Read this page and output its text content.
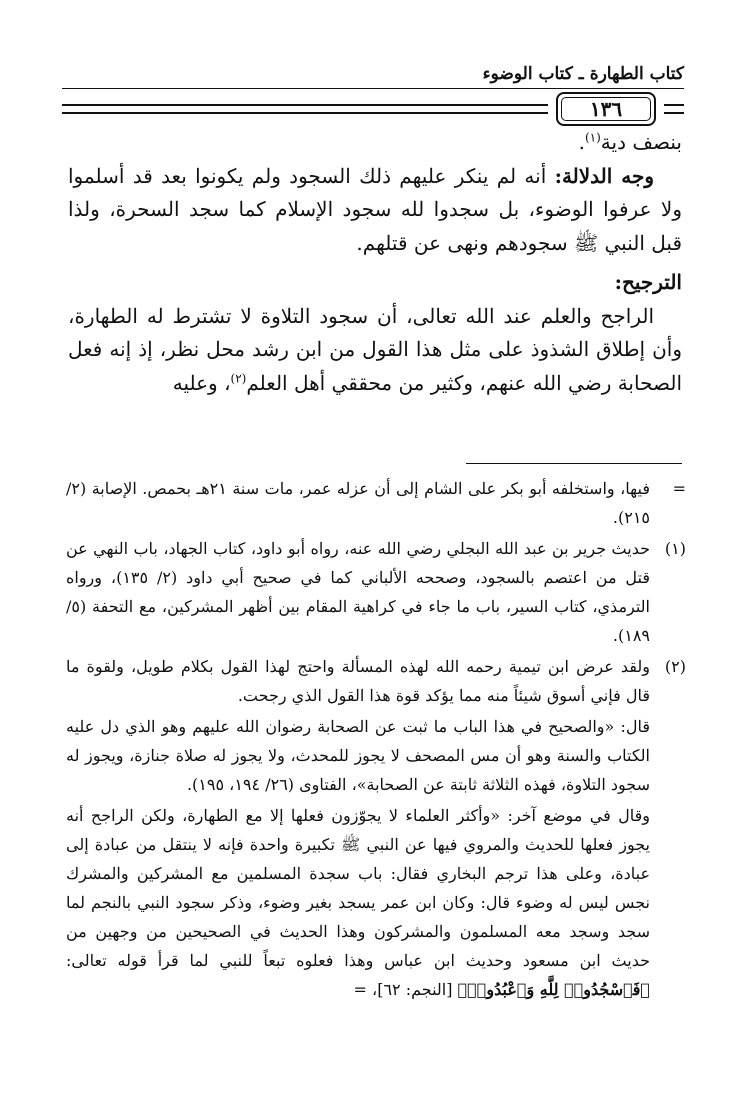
كتاب الطهارة ـ كتاب الوضوء
١٣٦

بنصف دية$^{(١)}$.

وجه الدلالة: أنه لم ينكر عليهم ذلك السجود ولم يكونوا بعد قد أسلموا ولا عرفوا الوضوء، بل سجدوا لله سجود الإسلام كما سجد السحرة، ولذا قبل النبي ﷺ سجودهم ونهى عن قتلهم.

الترجيح:

الراجح والعلم عند الله تعالى، أن سجود التلاوة لا تشترط له الطهارة، وأن إطلاق الشذوذ على مثل هذا القول من ابن رشد محل نظر، إذ إنه فعل الصحابة رضي الله عنهم، وكثير من محققي أهل العلم$^{(٢)}$، وعليه

=

فيها، واستخلفه أبو بكر على الشام إلى أن عزله عمر، مات سنة ٢١هـ بحمص. الإصابة (٢/ ٢١٥).

(١)

حديث جرير بن عبد الله البجلي رضي الله عنه، رواه أبو داود، كتاب الجهاد، باب النهي عن قتل من اعتصم بالسجود، وصححه الألباني كما في صحيح أبي داود (٢/ ١٣٥)، ورواه الترمذي، كتاب السير، باب ما جاء في كراهية المقام بين أظهر المشركين، مع التحفة (٥/ ١٨٩).

(٢)

ولقد عرض ابن تيمية رحمه الله لهذه المسألة واحتج لهذا القول بكلام طويل، ولقوة ما قال فإني أسوق شيئاً منه مما يؤكد قوة هذا القول الذي رجحت.

قال: «والصحيح في هذا الباب ما ثبت عن الصحابة رضوان الله عليهم وهو الذي دل عليه الكتاب والسنة وهو أن مس المصحف لا يجوز للمحدث، ولا يجوز له صلاة جنازة، ويجوز له سجود التلاوة، فهذه الثلاثة ثابتة عن الصحابة»، الفتاوى (٢٦/ ١٩٤، ١٩٥).

وقال في موضع آخر: «وأكثر العلماء لا يجوّزون فعلها إلا مع الطهارة، ولكن الراجح أنه يجوز فعلها للحديث والمروي فيها عن النبي ﷺ تكبيرة واحدة فإنه لا ينتقل من عبادة إلى عبادة، وعلى هذا ترجم البخاري فقال: باب سجدة المسلمين مع المشركين والمشرك نجس ليس له وضوء قال: وكان ابن عمر يسجد بغير وضوء، وذكر سجود النبي بالنجم لما سجد وسجد معه المسلمون والمشركون وهذا الحديث في الصحيحين من وجهين من حديث ابن مسعود وحديث ابن عباس وهذا فعلوه تبعاً للنبي لما قرأ قوله تعالى: ﴿فَٱسْجُدُوا۟ لِلَّهِ وَٱعْبُدُوا۟﴾ [النجم: ٦٢]، =
